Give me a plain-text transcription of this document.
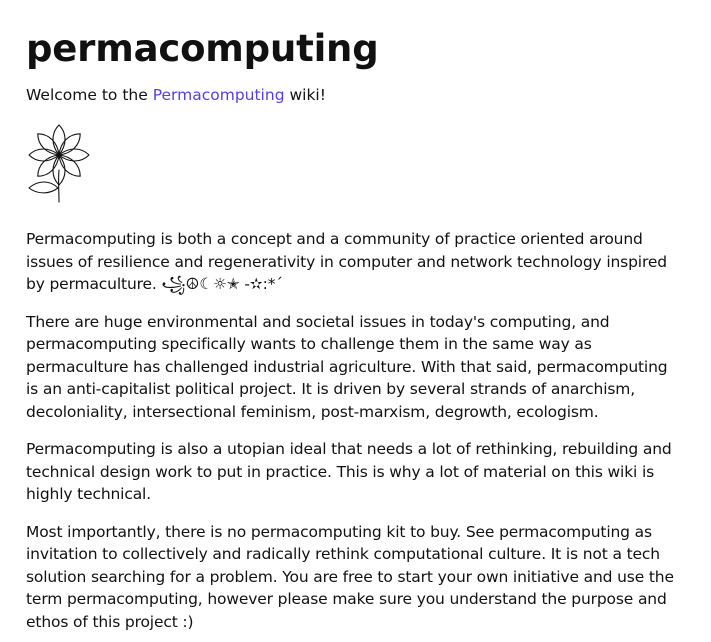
permacomputing

Welcome to the Permacomputing wiki!

Permacomputing is both a concept and a community of practice oriented around issues of resilience and regenerativity in computer and network technology inspired by permaculture. ꧁☮☾☼✭ -✫:*´

There are huge environmental and societal issues in today's computing, and permacomputing specifically wants to challenge them in the same way as permaculture has challenged industrial agriculture. With that said, permacomputing is an anti-capitalist political project. It is driven by several strands of anarchism, decoloniality, intersectional feminism, post-marxism, degrowth, ecologism.

Permacomputing is also a utopian ideal that needs a lot of rethinking, rebuilding and technical design work to put in practice. This is why a lot of material on this wiki is highly technical.

Most importantly, there is no permacomputing kit to buy. See permacomputing as invitation to collectively and radically rethink computational culture. It is not a tech solution searching for a problem. You are free to start your own initiative and use the term permacomputing, however please make sure you understand the purpose and ethos of this project :)
